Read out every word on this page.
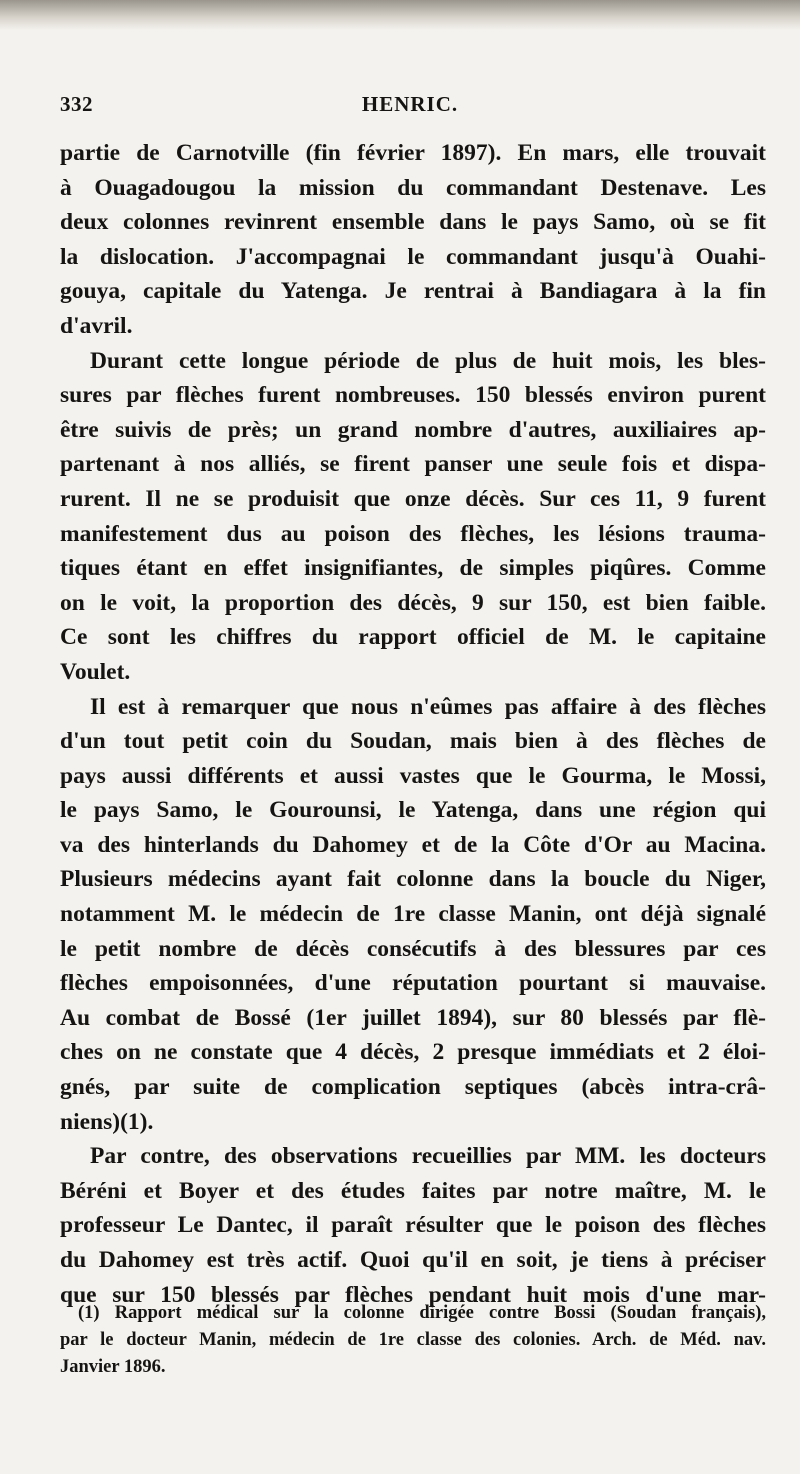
332	HENRIC.
partie de Carnotville (fin février 1897). En mars, elle trouvait
à Ouagadougou la mission du commandant Destenave. Les
deux colonnes revinrent ensemble dans le pays Samo, où se fit
la dislocation. J'accompagnai le commandant jusqu'à Ouahi-
gouya, capitale du Yatenga. Je rentrai à Bandiagara à la fin
d'avril.
Durant cette longue période de plus de huit mois, les bles-
sures par flèches furent nombreuses. 150 blessés environ purent
être suivis de près; un grand nombre d'autres, auxiliaires ap-
partenant à nos alliés, se firent panser une seule fois et dispa-
rurent. Il ne se produisit que onze décès. Sur ces 11, 9 furent
manifestement dus au poison des flèches, les lésions trauma-
tiques étant en effet insignifiantes, de simples piqûres. Comme
on le voit, la proportion des décès, 9 sur 150, est bien faible.
Ce sont les chiffres du rapport officiel de M. le capitaine
Voulet.
Il est à remarquer que nous n'eûmes pas affaire à des flèches
d'un tout petit coin du Soudan, mais bien à des flèches de
pays aussi différents et aussi vastes que le Gourma, le Mossi,
le pays Samo, le Gourounsi, le Yatenga, dans une région qui
va des hinterlands du Dahomey et de la Côte d'Or au Macina.
Plusieurs médecins ayant fait colonne dans la boucle du Niger,
notamment M. le médecin de 1re classe Manin, ont déjà signalé
le petit nombre de décès consécutifs à des blessures par ces
flèches empoisonnées, d'une réputation pourtant si mauvaise.
Au combat de Bossé (1er juillet 1894), sur 80 blessés par flè-
ches on ne constate que 4 décès, 2 presque immédiats et 2 éloi-
gnés, par suite de complication septiques (abcès intra-crâ-
niens)(1).
Par contre, des observations recueillies par MM. les docteurs
Béréni et Boyer et des études faites par notre maître, M. le
professeur Le Dantec, il paraît résulter que le poison des flèches
du Dahomey est très actif. Quoi qu'il en soit, je tiens à préciser
que sur 150 blessés par flèches pendant huit mois d'une mar-
(1) Rapport médical sur la colonne dirigée contre Bossi (Soudan français),
par le docteur Manin, médecin de 1re classe des colonies. Arch. de Méd. nav.
Janvier 1896.
